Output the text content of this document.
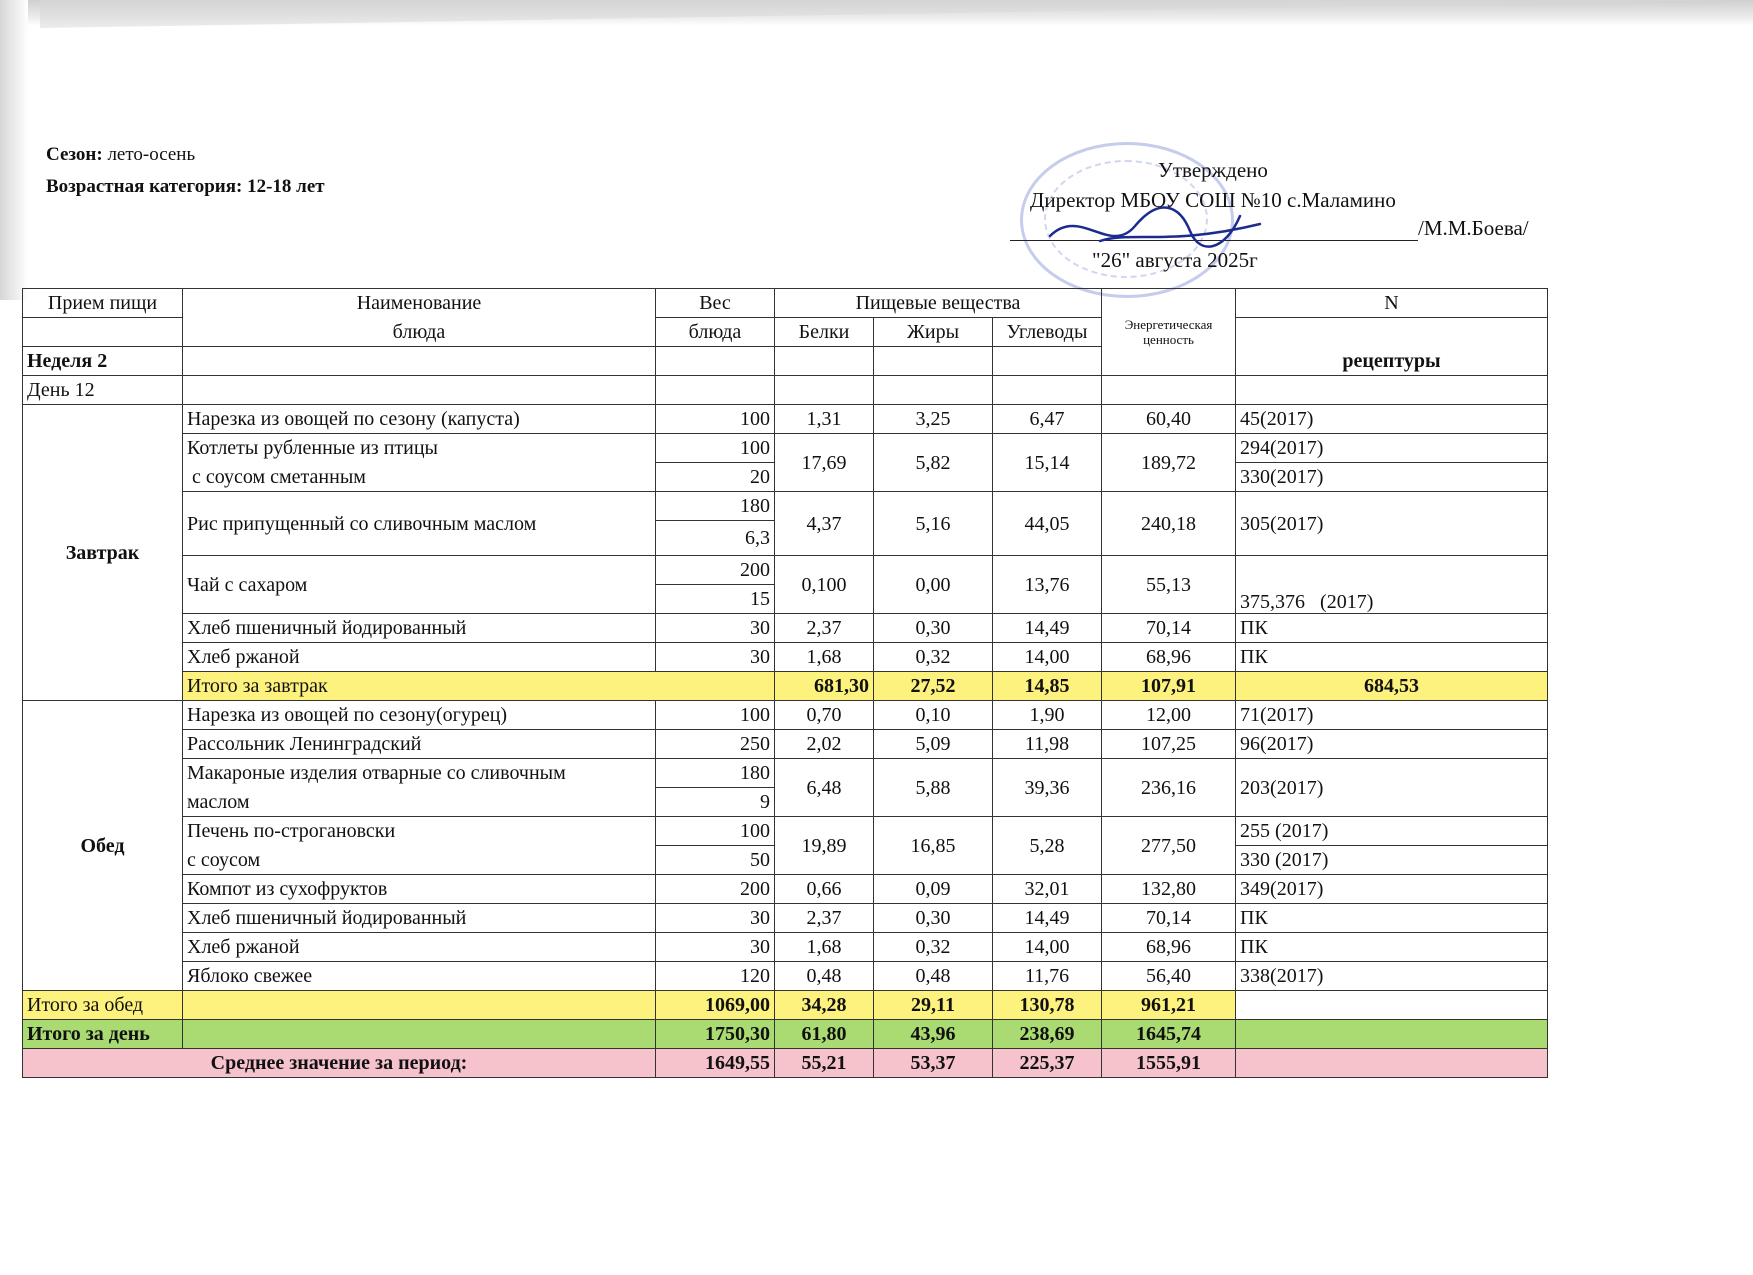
Сезон: лето-осень
Возрастная категория: 12-18 лет
Утверждено
Директор МБОУ СОШ №10 с.Маламино
/М.М.Боева/
"26" августа 2025г
Прием пищи	Наименование	Вес	Пищевые вещества			Энергетическая ценность	N	
	блюда	блюда	Белки	Жиры	Углеводы			
Неделя 2							рецептуры	
День 12								
Завтрак	Нарезка из овощей по сезону (капуста)	100	1,31	3,25	6,47	60,40	45(2017)	
	Котлеты рубленные из птицы	100	17,69	5,82	15,14	189,72	294(2017)	
	с соусом сметанным	20					330(2017)	
	Рис припущенный со сливочным маслом	180	4,37	5,16	44,05	240,18	305(2017)	
		6,3						
	Чай с сахаром	200	0,100	0,00	13,76	55,13	375,376   (2017)	
		15						
	Хлеб пшеничный йодированный	30	2,37	0,30	14,49	70,14	ПК	
	Хлеб ржаной	30	1,68	0,32	14,00	68,96	ПК	
	Итого за завтрак		681,30	27,52	14,85	107,91	684,53	
Обед	Нарезка из овощей по сезону(огурец)	100	0,70	0,10	1,90	12,00	71(2017)	
	Рассольник Ленинградский	250	2,02	5,09	11,98	107,25	96(2017)	
	Макароные изделия отварные со сливочным	180	6,48	5,88	39,36	236,16	203(2017)	
	маслом	9						
	Печень по-строгановски	100	19,89	16,85	5,28	277,50	255 (2017)	
	с соусом	50					330 (2017)	
	Компот из сухофруктов	200	0,66	0,09	32,01	132,80	349(2017)	
	Хлеб пшеничный йодированный	30	2,37	0,30	14,49	70,14	ПК	
	Хлеб ржаной	30	1,68	0,32	14,00	68,96	ПК	
	Яблоко свежее	120	0,48	0,48	11,76	56,40	338(2017)	
Итого за обед		1069,00	34,28	29,11	130,78	961,21		
Итого за день		1750,30	61,80	43,96	238,69	1645,74		
Среднее значение за период:		1649,55	55,21	53,37	225,37	1555,91		
